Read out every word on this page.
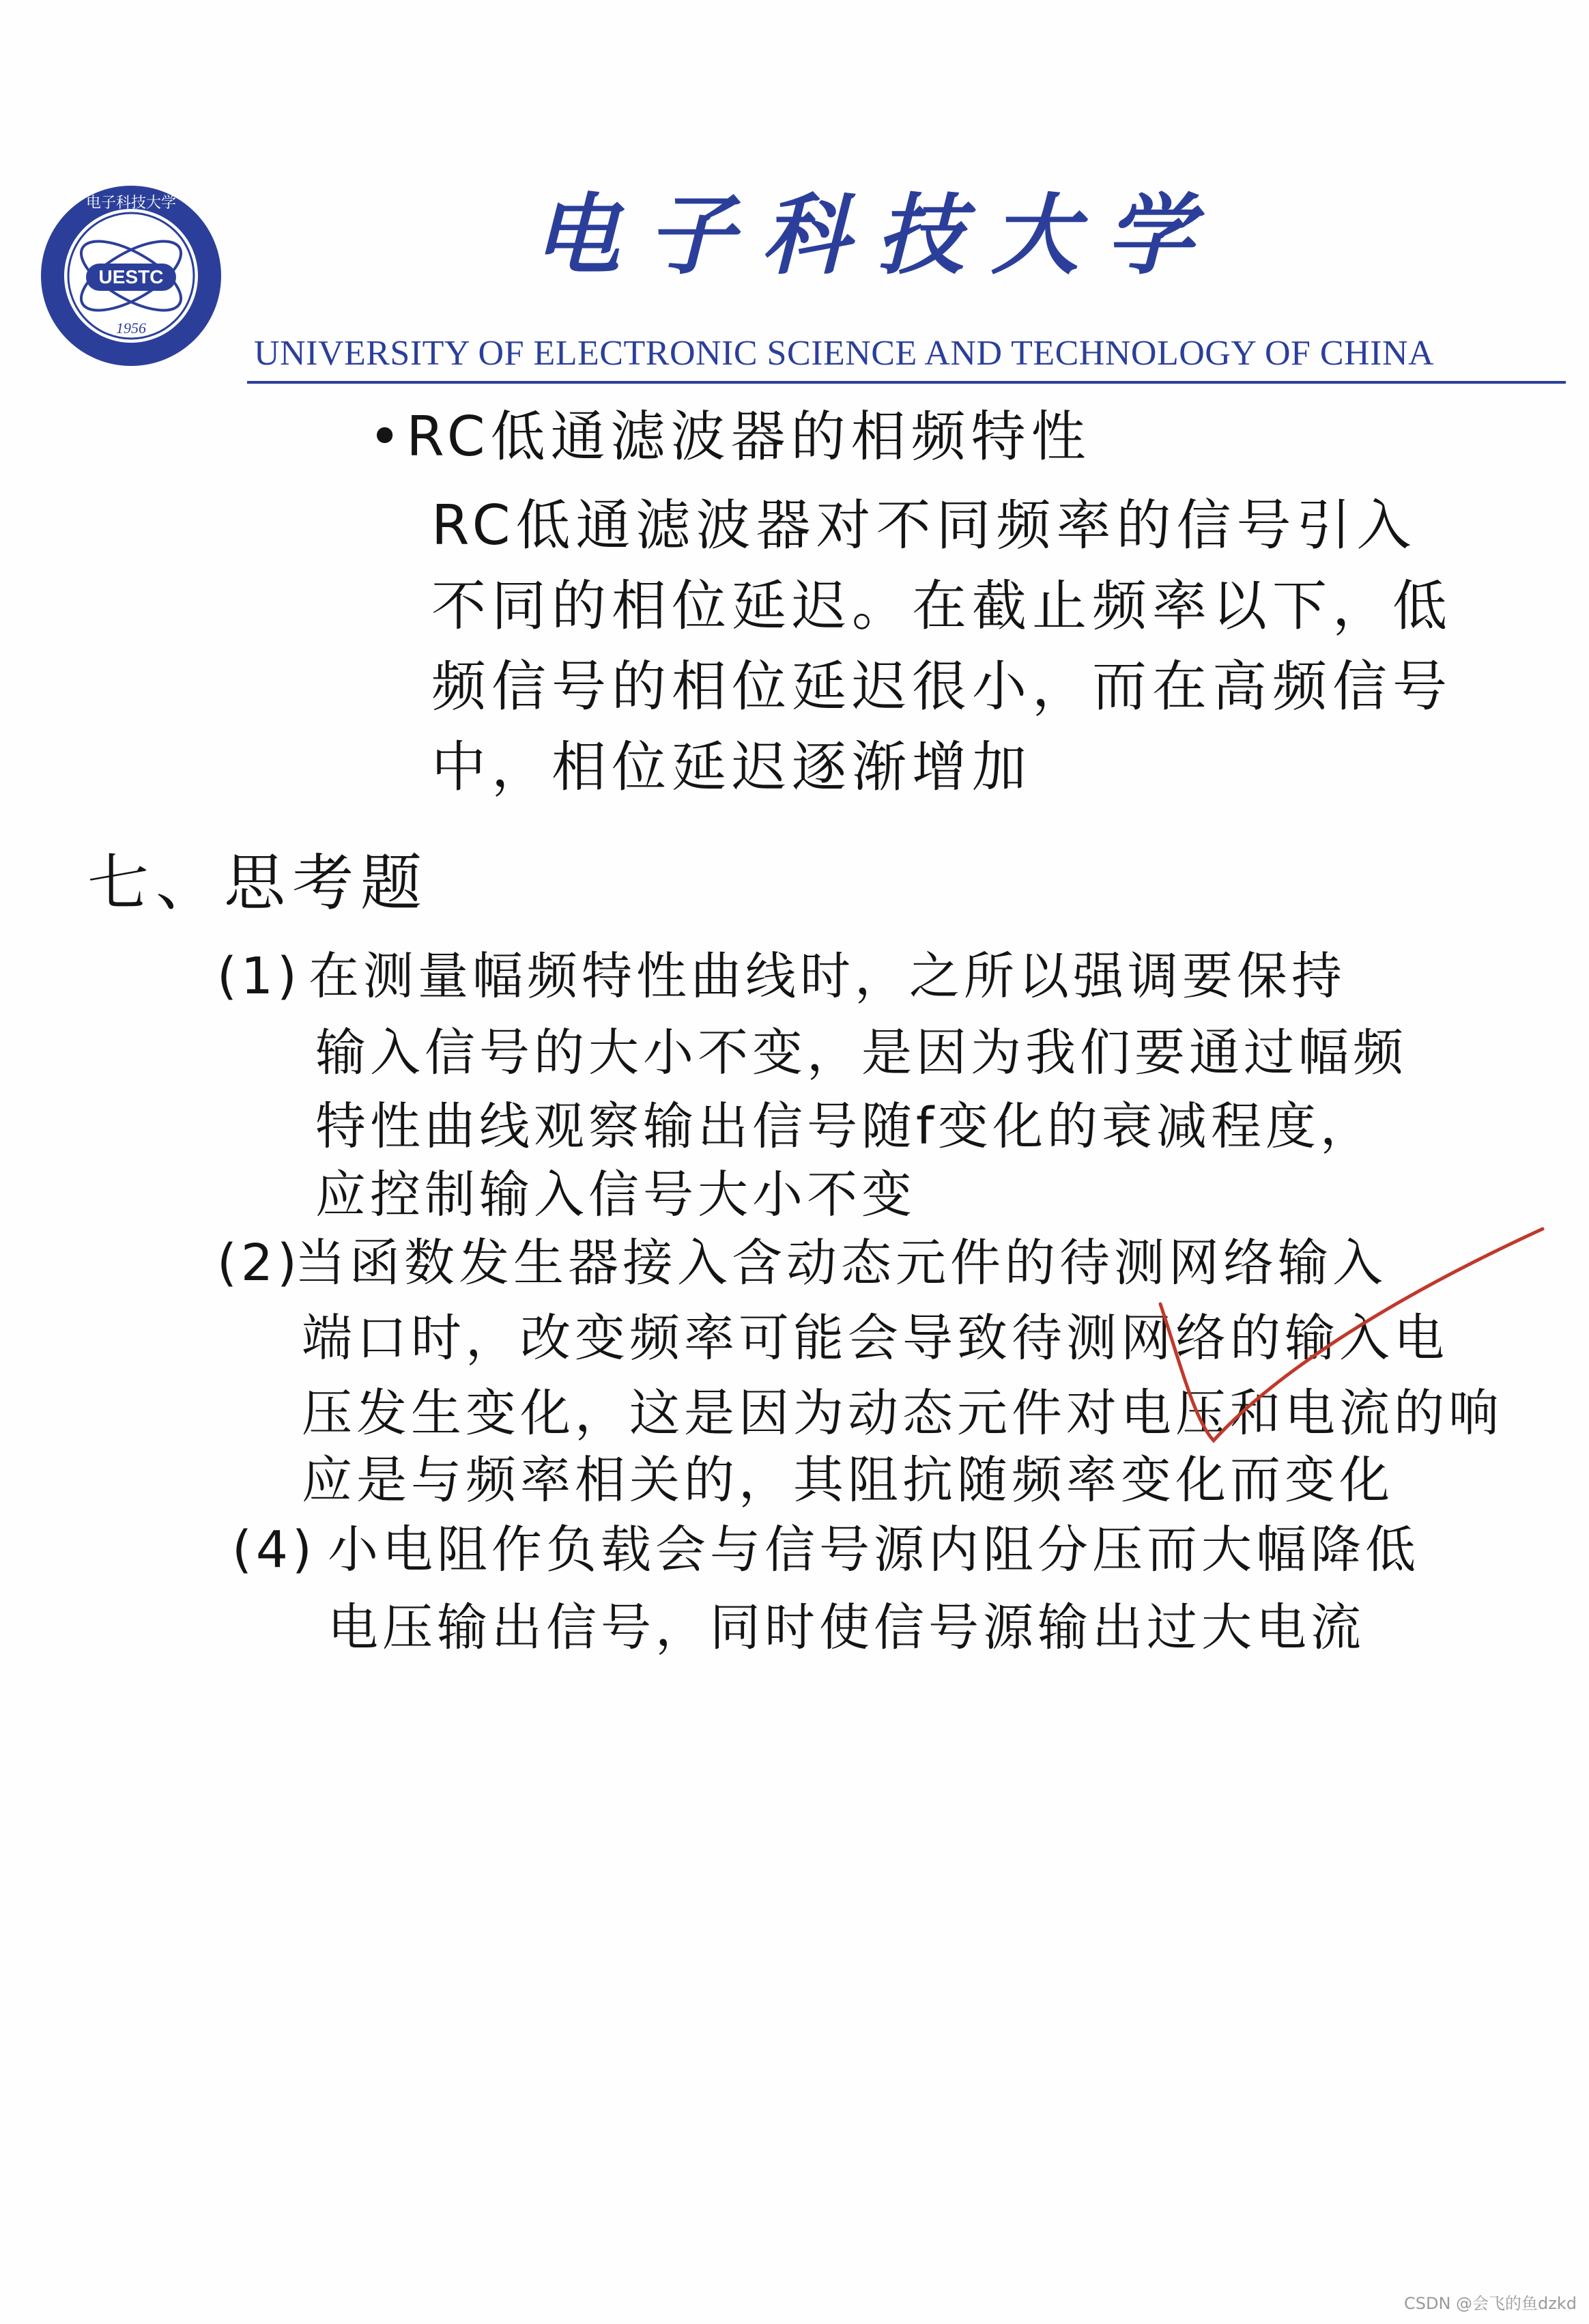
UESTC
1956
电子科技大学	电子科技大学
UNIVERSITY OF ELECTRONIC SCIENCE AND TECHNOLOGY OF CHINA
•RC低通滤波器的相频特性
RC低通滤波器对不同频率的信号引入
不同的相位延迟。在截止频率以下，低
频信号的相位延迟很小，而在高频信号
中，相位延迟逐渐增加
七、思考题
(1) 在测量幅频特性曲线时，之所以强调要保持
输入信号的大小不变，是因为我们要通过幅频
特性曲线观察输出信号随f变化的衰减程度，
应控制输入信号大小不变
(2)
当函数发生器接入含动态元件的待测网络输入
端口时，改变频率可能会导致待测网络的输入电
压发生变化，这是因为动态元件对电压和电流的响
应是与频率相关的，其阻抗随频率变化而变化
(4) 小电阻作负载会与信号源内阻分压而大幅降低
电压输出信号，同时使信号源输出过大电流
CSDN @会飞的鱼dzkd
